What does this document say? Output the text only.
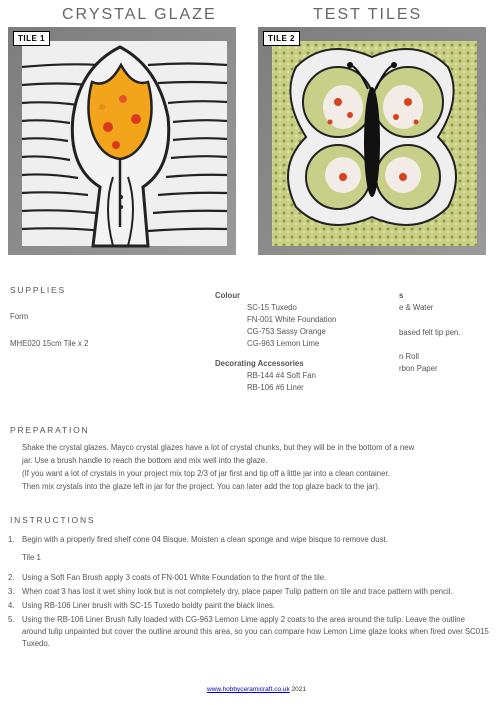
CRYSTAL GLAZE	TEST TILES
TILE 1	TILE 2
SUPPLIES
Form
MHE020 15cm Tile x 2
Colour
SC-15 Tuxedo
FN-001 White Foundation
CG-753 Sassy Orange
CG-963 Lemon Lime
Decorating Accessories
RB-144 #4 Soft Fan
RB-106 #6 Liner
s
e & Water
based felt tip pen.
n Roll
rbon Paper
PREPARATION
Shake the crystal glazes. Mayco crystal glazes have a lot of crystal chunks, but they will be in the bottom of a new
jar. Use a brush handle to reach the bottom and mix well into the glaze.
(If you want a lot of crystals in your project mix top 2/3 of jar first and tip off a little jar into a clean container.
Then mix crystals into the glaze left in jar for the project. You can later add the top glaze back to the jar).
INSTRUCTIONS
1. Begin with a properly fired shelf cone 04 Bisque. Moisten a clean sponge and wipe bisque to remove dust.
Tile 1
2. Using a Soft Fan Brush apply 3 coats of FN-001 White Foundation to the front of the tile.
3. When coat 3 has lost it wet shiny look but is not completely dry, place paper Tulip pattern on tile and trace pattern with pencil.
4. Using RB-106 Liner brush with SC-15 Tuxedo boldly paint the black lines.
5. Using the RB-106 Liner Brush fully loaded with CG-963 Lemon Lime apply 2 coats to the area around the tulip. Leave the outline around tulip unpainted but cover the outline around this area, so you can compare how Lemon Lime glaze looks when fired over SC015 Tuxedo.
www.hobbyceramicraft.co.uk 2021
